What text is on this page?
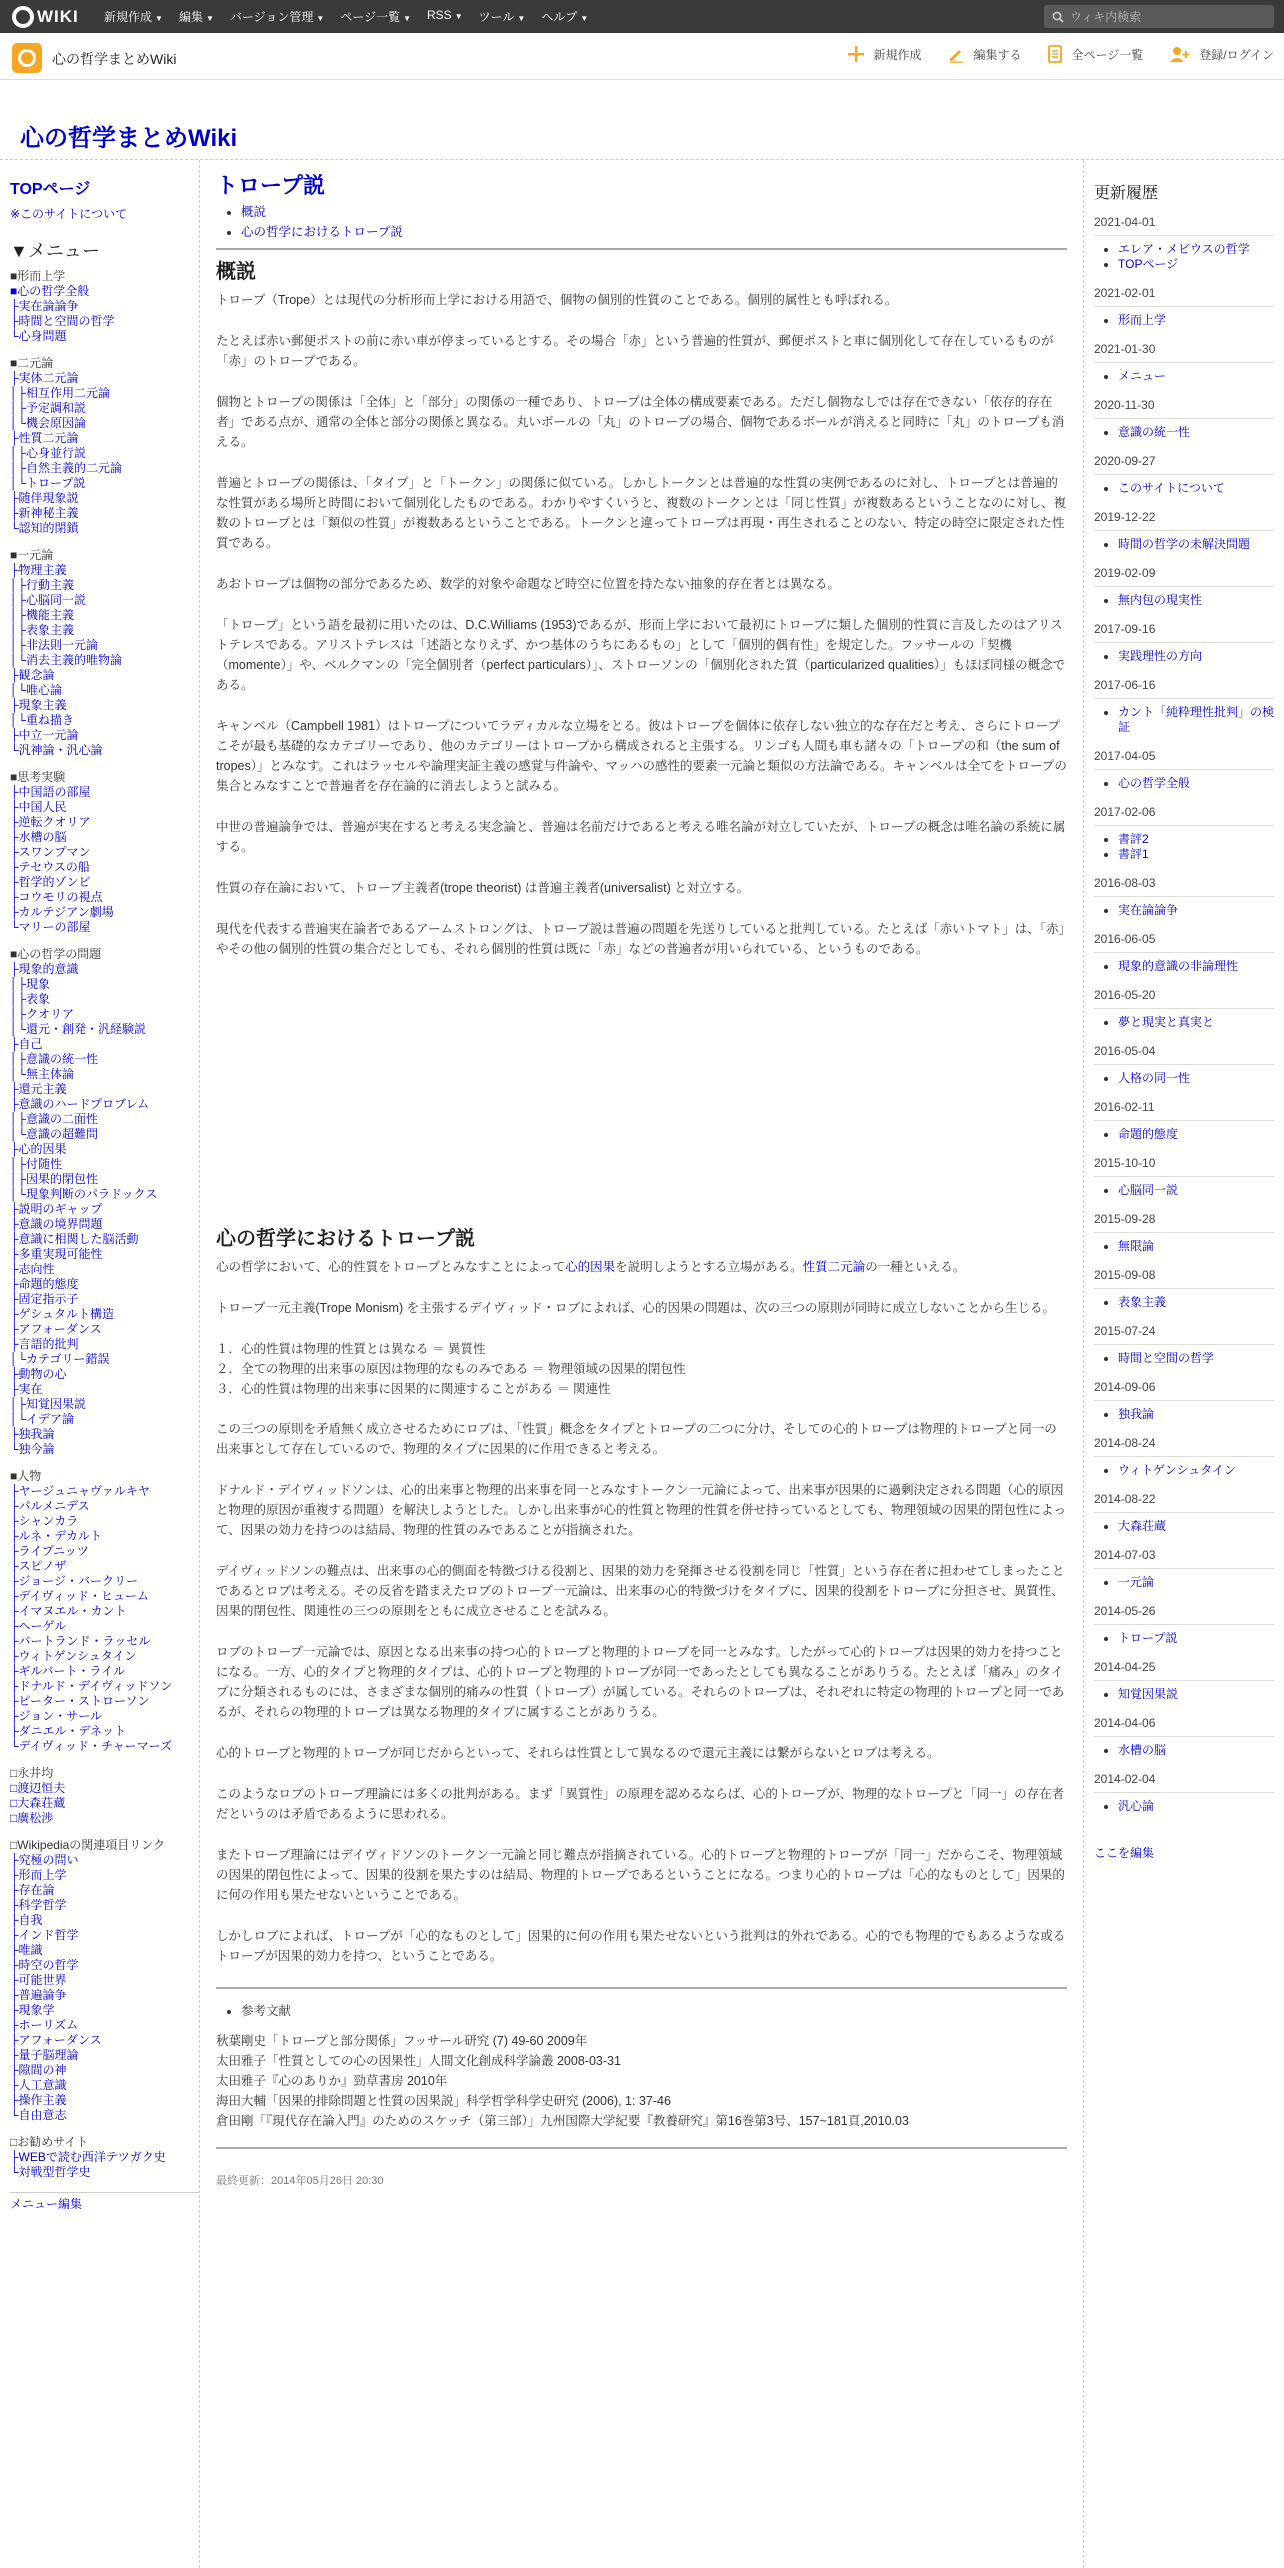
WIKI 新規作成 ▼ 編集 ▼ バージョン管理 ▼ ページ一覧 ▼ RSS ▼ ツール ▼ ヘルプ ▼	ウィキ内検索
心の哲学まとめWiki	新規作成	編集する	全ページ一覧	登録/ログイン
心の哲学まとめWiki
TOPページ
※このサイトについて
▼メニュー
■形而上学
■心の哲学全般
├実在論論争
├時間と空間の哲学
└心身問題
■二元論
├実体二元論
│├相互作用二元論
│├予定調和説
│└機会原因論
├性質二元論
│├心身並行説
│├自然主義的二元論
│└トロープ説
├随伴現象説
├新神秘主義
└認知的閉鎖
■一元論
├物理主義
│├行動主義
│├心脳同一説
│├機能主義
│├表象主義
│├非法則一元論
│└消去主義的唯物論
├観念論
│└唯心論
├現象主義
│└重ね描き
├中立一元論
└汎神論・汎心論
■思考実験
├中国語の部屋
├中国人民
├逆転クオリア
├水槽の脳
├スワンプマン
├テセウスの船
├哲学的ゾンビ
├コウモリの視点
├カルテジアン劇場
└マリーの部屋
■心の哲学の問題
├現象的意識
│├現象
│├表象
│├クオリア
│└還元・創発・汎経験説
├自己
│├意識の統一性
│└無主体論
├還元主義
├意識のハードプロブレム
│├意識の二面性
│└意識の超難問
├心的因果
│├付随性
│├因果的閉包性
│└現象判断のパラドックス
├説明のギャップ
├意識の境界問題
├意識に相関した脳活動
├多重実現可能性
├志向性
├命題的態度
├固定指示子
├ゲシュタルト構造
├アフォーダンス
├言語的批判
│└カテゴリー錯誤
├動物の心
├実在
│├知覚因果説
│└イデア論
├独我論
└独今論
■人物
├ヤージュニャヴァルキヤ
├パルメニデス
├シャンカラ
├ルネ・デカルト
├ライプニッツ
├スピノザ
├ジョージ・バークリー
├デイヴィッド・ヒューム
├イマヌエル・カント
├ヘーゲル
├バートランド・ラッセル
├ウィトゲンシュタイン
├ギルバート・ライル
├ドナルド・デイヴィッドソン
├ピーター・ストローソン
├ジョン・サール
├ダニエル・デネット
└デイヴィッド・チャーマーズ
□永井均
□渡辺恒夫
□大森荘蔵
□廣松渉
□Wikipediaの関連項目リンク
├究極の問い
├形而上学
├存在論
├科学哲学
├自我
├インド哲学
├唯識
├時空の哲学
├可能世界
├普遍論争
├現象学
├ホーリズム
├アフォーダンス
├量子脳理論
├隙間の神
├人工意識
├操作主義
└自由意志
□お勧めサイト
├WEBで読む西洋テツガク史
└対戦型哲学史
メニュー編集
トロープ説
• 概説
• 心の哲学におけるトロープ説
概説

トロープ（Trope）とは現代の分析形而上学における用語で、個物の個別的性質のことである。個別的属性とも呼ばれる。

たとえば赤い郵便ポストの前に赤い車が停まっているとする。その場合「赤」という普遍的性質が、郵便ポストと車に個別化して存在しているものが「赤」のトロープである。

個物とトロープの関係は「全体」と「部分」の関係の一種であり、トロープは全体の構成要素である。ただし個物なしでは存在できない「依存的存在者」である点が、通常の全体と部分の関係と異なる。丸いボールの「丸」のトロープの場合、個物であるボールが消えると同時に「丸」のトロープも消える。

普遍とトロープの関係は、「タイプ」と「トークン」の関係に似ている。しかしトークンとは普遍的な性質の実例であるのに対し、トロープとは普遍的な性質がある場所と時間において個別化したものである。わかりやすくいうと、複数のトークンとは「同じ性質」が複数あるということなのに対し、複数のトロープとは「類似の性質」が複数あるということである。トークンと違ってトロープは再現・再生されることのない、特定の時空に限定された性質である。

あおトロープは個物の部分であるため、数学的対象や命題など時空に位置を持たない抽象的存在者とは異なる。

「トロープ」という語を最初に用いたのは、D.C.Williams (1953)であるが、形而上学において最初にトロープに類した個別的性質に言及したのはアリストテレスである。アリストテレスは「述語となりえず、かつ基体のうちにあるもの」として「個別的偶有性」を規定した。フッサールの「契機（momente）」や、ベルクマンの「完全個別者（perfect particulars）」、ストローソンの「個別化された質（particularized qualities）」もほぼ同様の概念である。

キャンベル（Campbell 1981）はトロープについてラディカルな立場をとる。彼はトロープを個体に依存しない独立的な存在だと考え、さらにトロープこそが最も基礎的なカテゴリーであり、他のカテゴリーはトロープから構成されると主張する。リンゴも人間も車も諸々の「トロープの和（the sum of tropes）」とみなす。これはラッセルや論理実証主義の感覚与件論や、マッハの感性的要素一元論と類似の方法論である。キャンベルは全てをトロープの集合とみなすことで普遍者を存在論的に消去しようと試みる。

中世の普遍論争では、普遍が実在すると考える実念論と、普遍は名前だけであると考える唯名論が対立していたが、トロープの概念は唯名論の系統に属する。

性質の存在論において、トロープ主義者(trope theorist) は普遍主義者(universalist) と対立する。

現代を代表する普遍実在論者であるアームストロングは、トロープ説は普遍の問題を先送りしていると批判している。たとえば「赤いトマト」は、「赤」やその他の個別的性質の集合だとしても、それら個別的性質は既に「赤」などの普遍者が用いられている、というものである。

心の哲学におけるトロープ説

心の哲学において、心的性質をトロープとみなすことによって心的因果を説明しようとする立場がある。性質二元論の一種といえる。

トロープ一元主義(Trope Monism) を主張するデイヴィッド・ロブによれば、心的因果の問題は、次の三つの原則が同時に成立しないことから生じる。

１．心的性質は物理的性質とは異なる ＝ 異質性
２．全ての物理的出来事の原因は物理的なものみである ＝ 物理領域の因果的閉包性
３．心的性質は物理的出来事に因果的に関連することがある ＝ 関連性

この三つの原則を矛盾無く成立させるためにロブは、「性質」概念をタイプとトロープの二つに分け、そしての心的トロープは物理的トロープと同一の出来事として存在しているので、物理的タイプに因果的に作用できると考える。

ドナルド・デイヴィッドソンは、心的出来事と物理的出来事を同一とみなすトークン一元論によって、出来事が因果的に過剰決定される問題（心的原因と物理的原因が重複する問題）を解決しようとした。しかし出来事が心的性質と物理的性質を併せ持っているとしても、物理領域の因果的閉包性によって、因果の効力を持つのは結局、物理的性質のみであることが指摘された。

デイヴィッドソンの難点は、出来事の心的側面を特徴づける役割と、因果的効力を発揮させる役割を同じ「性質」という存在者に担わせてしまったことであるとロブは考える。その反省を踏まえたロブのトロープ一元論は、出来事の心的特徴づけをタイプに、因果的役割をトロープに分担させ、異質性、因果的閉包性、関連性の三つの原則をともに成立させることを試みる。

ロブのトロープ一元論では、原因となる出来事の持つ心的トロープと物理的トロープを同一とみなす。したがって心的トロープは因果的効力を持つことになる。一方、心的タイプと物理的タイプは、心的トロープと物理的トロープが同一であったとしても異なることがありうる。たとえば「痛み」のタイプに分類されるものには、さまざまな個別的痛みの性質（トロープ）が属している。それらのトロープは、それぞれに特定の物理的トロープと同一であるが、それらの物理的トロープは異なる物理的タイプに属することがありうる。

心的トロープと物理的トロープが同じだからといって、それらは性質として異なるので還元主義には繋がらないとロブは考える。

このようなロブのトロープ理論には多くの批判がある。まず「異質性」の原理を認めるならば、心的トロープが、物理的なトロープと「同一」の存在者だというのは矛盾であるように思われる。

またトロープ理論にはデイヴィドソンのトークン一元論と同じ難点が指摘されている。心的トロープと物理的トロープが「同一」だからこそ、物理領域の因果的閉包性によって、因果的役割を果たすのは結局、物理的トロープであるということになる。つまり心的トロープは「心的なものとして」因果的に何の作用も果たせないということである。

しかしロブによれば、トロープが「心的なものとして」因果的に何の作用も果たせないという批判は的外れである。心的でも物理的でもあるような或るトロープが因果的効力を持つ、ということである。

• 参考文献
秋葉剛史「トロープと部分関係」フッサール研究 (7) 49-60 2009年
太田雅子「性質としての心の因果性」人間文化創成科学論叢 2008-03-31
太田雅子『心のありか』勁草書房 2010年
海田大輔「因果的排除問題と性質の因果説」科学哲学科学史研究 (2006), 1: 37-46
倉田剛「『現代存在論入門』のためのスケッチ（第三部）」九州国際大学紀要『教養研究』第16巻第3号、157~181頁,2010.03
最終更新：2014年05月26日 20:30
更新履歴
2021-04-01
• エレア・メビウスの哲学
• TOPページ
2021-02-01
• 形而上学
2021-01-30
• メニュー
2020-11-30
• 意識の統一性
2020-09-27
• このサイトについて
2019-12-22
• 時間の哲学の未解決問題
2019-02-09
• 無内包の現実性
2017-09-16
• 実践理性の方向
2017-06-16
• カント「純粋理性批判」の検証
2017-04-05
• 心の哲学全般
2017-02-06
• 書評2
• 書評1
2016-08-03
• 実在論論争
2016-06-05
• 現象的意識の非論理性
2016-05-20
• 夢と現実と真実と
2016-05-04
• 人格の同一性
2016-02-11
• 命題的態度
2015-10-10
• 心脳同一説
2015-09-28
• 無限論
2015-09-08
• 表象主義
2015-07-24
• 時間と空間の哲学
2014-09-06
• 独我論
2014-08-24
• ウィトゲンシュタイン
2014-08-22
• 大森荘蔵
2014-07-03
• 一元論
2014-05-26
• トロープ説
2014-04-25
• 知覚因果説
2014-04-06
• 水槽の脳
2014-02-04
• 汎心論
ここを編集
